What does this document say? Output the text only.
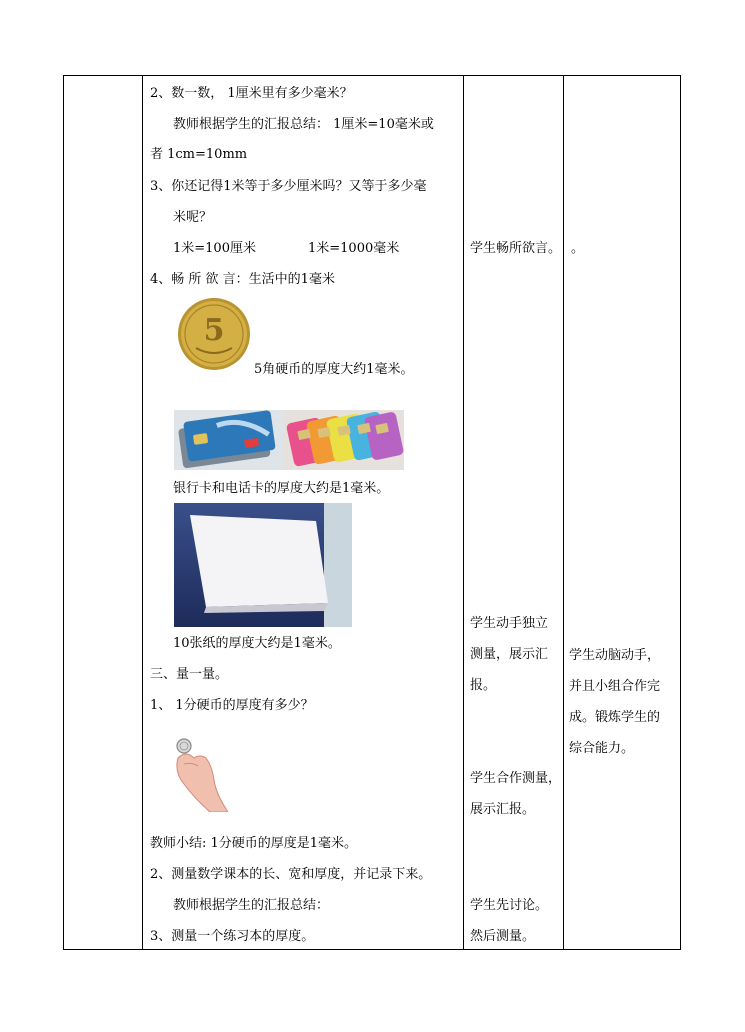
2、数一数， 1厘米里有多少毫米？
教师根据学生的汇报总结： 1厘米=10毫米或
者 1cm=10mm
3、你还记得1米等于多少厘米吗？又等于多少毫
米呢？
1米=100厘米	1米=1000毫米
4、畅 所 欲 言：生活中的1毫米
5
5角硬币的厚度大约1毫米。
银行卡和电话卡的厚度大约是1毫米。
10张纸的厚度大约是1毫米。
三、量一量。
1、 1分硬币的厚度有多少？
教师小结: 1分硬币的厚度是1毫米。
2、测量数学课本的长、宽和厚度，并记录下来。
教师根据学生的汇报总结：
3、测量一个练习本的厚度。
学生畅所欲言。
学生动手独立
测量，展示汇
报。
学生合作测量，
展示汇报。
学生先讨论。
然后测量。
。
学生动脑动手，
并且小组合作完
成。锻炼学生的
综合能力。
